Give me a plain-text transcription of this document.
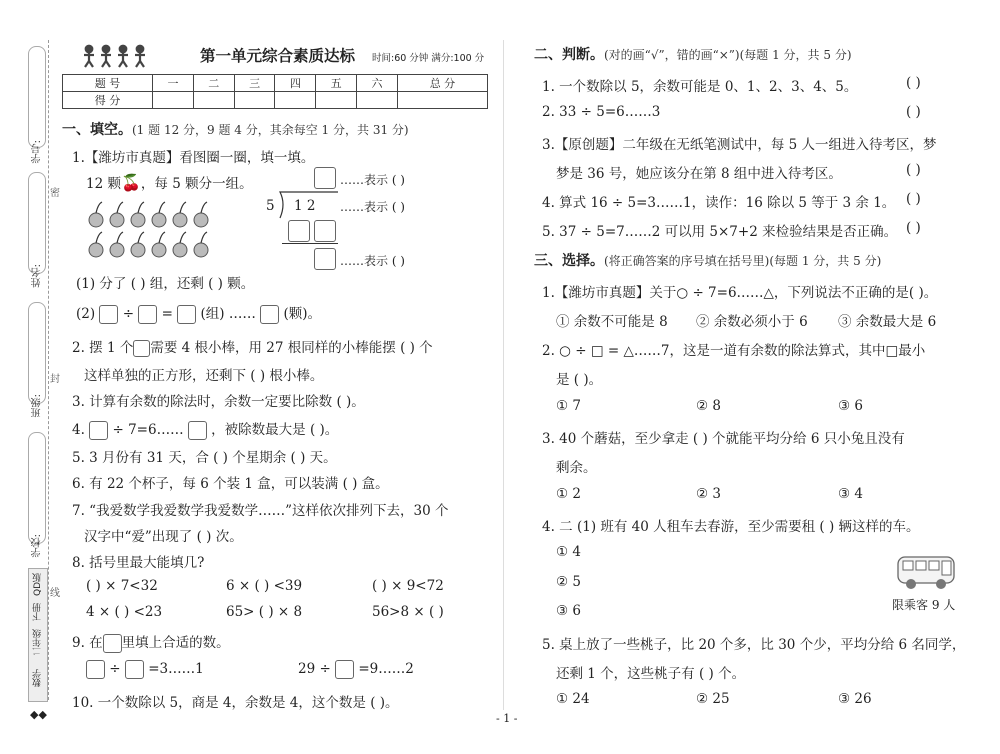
学号:
姓名:
班级:
学校:
密
封
线
QD版
下册
二年级
数学
◆◆
第一单元综合素质达标 时间:60 分钟 满分:100 分
题 号	一	二	三	四	五	六	总 分
得 分							
一、填空。(1 题 12 分，9 题 4 分，其余每空 1 分，共 31 分)
1.【潍坊市真题】看图圈一圈，填一填。
12 颗🍒，每 5 颗分一组。	……表示 ( )
5 1 2 ……表示 ( )
……表示 ( )
(1) 分了 ( ) 组，还剩 ( ) 颗。
(2) ÷ = (组) …… (颗)。
2. 摆 1 个 需要 4 根小棒，用 27 根同样的小棒能摆 ( ) 个
这样单独的正方形，还剩下 ( ) 根小棒。
3. 计算有余数的除法时，余数一定要比除数 ( )。
4. ÷ 7=6…… ，被除数最大是 ( )。
5. 3 月份有 31 天，合 ( ) 个星期余 ( ) 天。
6. 有 22 个杯子，每 6 个装 1 盒，可以装满 ( ) 盒。
7. “我爱数学我爱数学我爱数学……”这样依次排列下去，30 个
汉字中“爱”出现了 ( ) 次。
8. 括号里最大能填几?
( ) × 7<32	6 × ( ) <39	( ) × 9<72
4 × ( ) <23	65> ( ) × 8	56>8 × ( )
9. 在 里填上合适的数。
÷ =3……1	29 ÷ =9……2
10. 一个数除以 5，商是 4，余数是 4，这个数是 ( )。
二、判断。(对的画“√”，错的画“×”)(每题 1 分，共 5 分)
1. 一个数除以 5，余数可能是 0、1、2、3、4、5。	( )
2. 33 ÷ 5=6……3	( )
3.【原创题】二年级在无纸笔测试中，每 5 人一组进入待考区，梦
梦是 36 号，她应该分在第 8 组中进入待考区。	( )
4. 算式 16 ÷ 5=3……1，读作：16 除以 5 等于 3 余 1。 ( )
5. 37 ÷ 5=7……2 可以用 5×7+2 来检验结果是否正确。 ( )
三、选择。(将正确答案的序号填在括号里)(每题 1 分，共 5 分)
1.【潍坊市真题】关于○ ÷ 7=6……△，下列说法不正确的是( )。
① 余数不可能是 8 ② 余数必须小于 6 ③ 余数最大是 6
2. ○ ÷ □ = △……7，这是一道有余数的除法算式，其中□最小
是 ( )。
① 7	② 8	③ 6
3. 40 个蘑菇，至少拿走 ( ) 个就能平均分给 6 只小兔且没有
剩余。
① 2	② 3	③ 4
4. 二 (1) 班有 40 人租车去春游，至少需要租 ( ) 辆这样的车。
① 4
② 5
③ 6	限乘客 9 人
5. 桌上放了一些桃子，比 20 个多，比 30 个少，平均分给 6 名同学，
还剩 1 个，这些桃子有 ( ) 个。
① 24	② 25	③ 26
- 1 -
